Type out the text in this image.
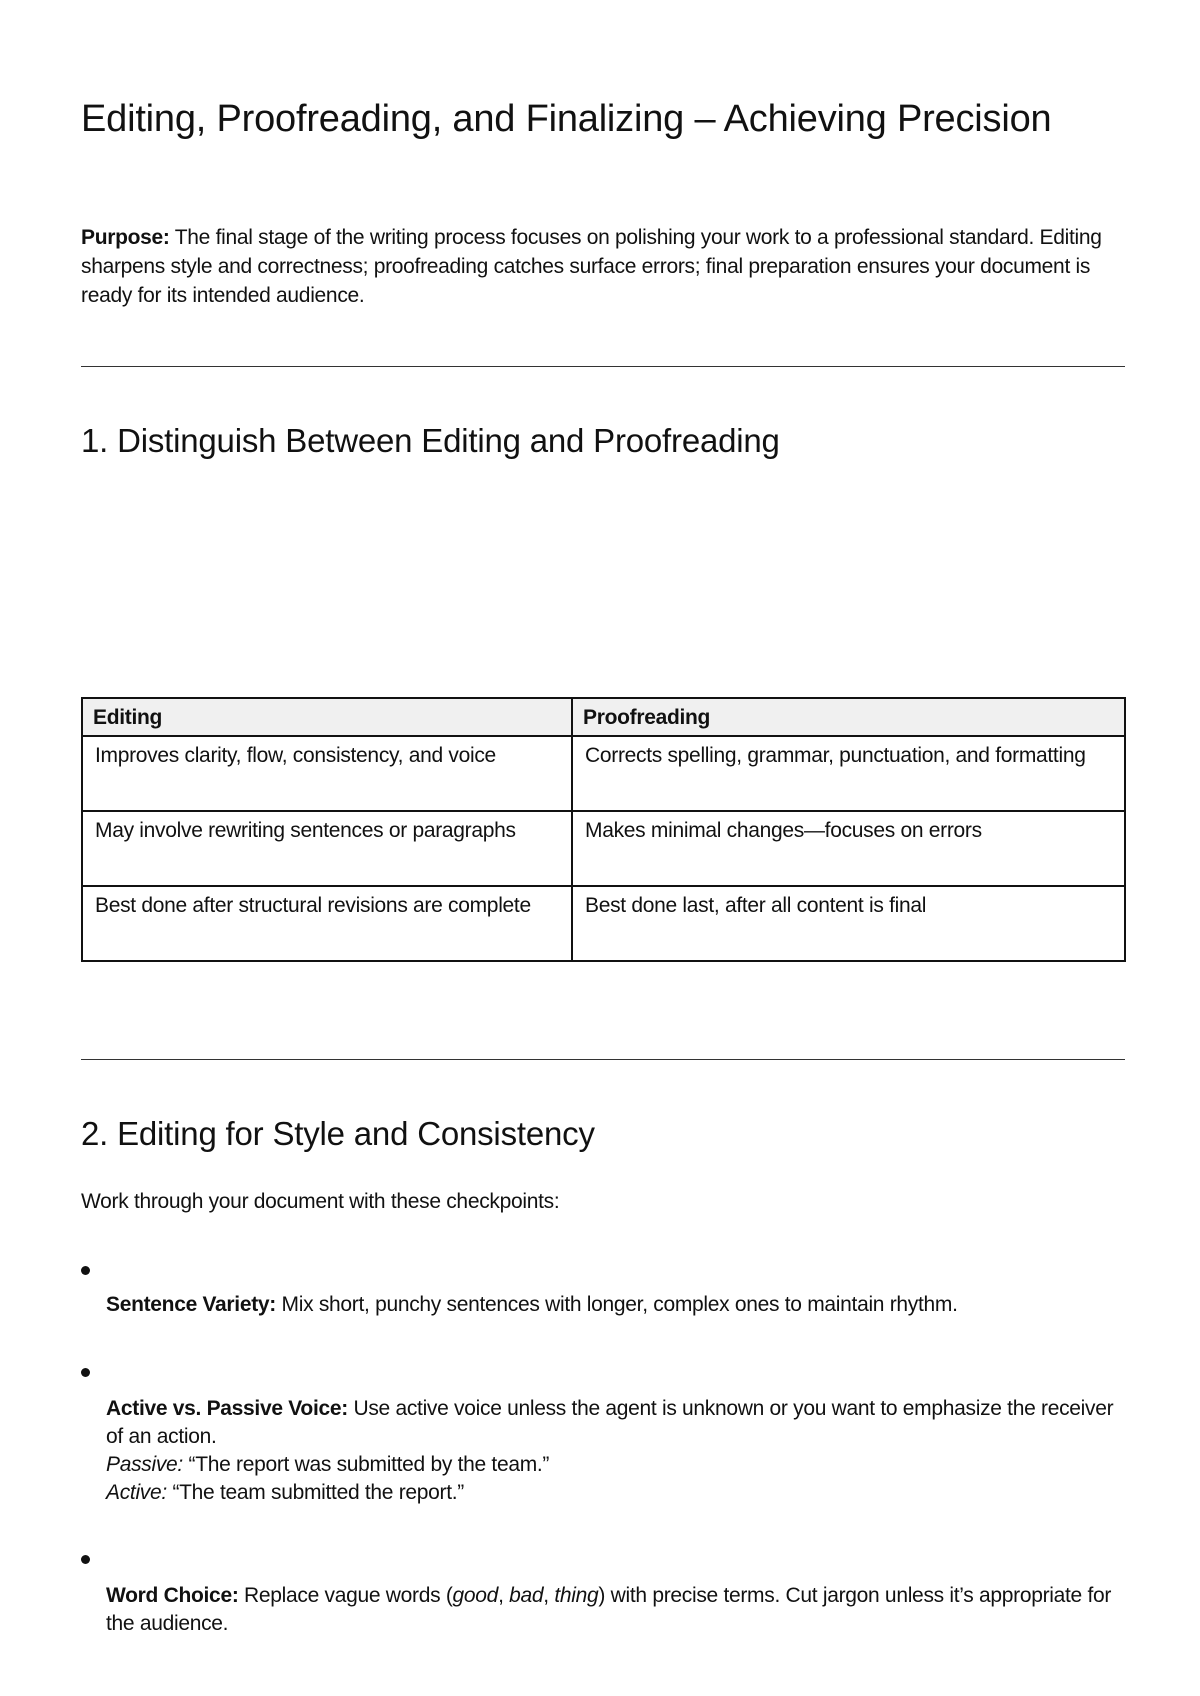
Editing, Proofreading, and Finalizing – Achieving Precision

Purpose: The final stage of the writing process focuses on polishing your work to a professional standard. Editing sharpens style and correctness; proofreading catches surface errors; final preparation ensures your document is ready for its intended audience.

1. Distinguish Between Editing and Proofreading
Editing	Proofreading
Improves clarity, flow, consistency, and voice	Corrects spelling, grammar, punctuation, and formatting
May involve rewriting sentences or paragraphs	Makes minimal changes—focuses on errors
Best done after structural revisions are complete	Best done last, after all content is final
2. Editing for Style and Consistency

Work through your document with these checkpoints:

Sentence Variety: Mix short, punchy sentences with longer, complex ones to maintain rhythm.

Active vs. Passive Voice: Use active voice unless the agent is unknown or you want to emphasize the receiver of an action.
Passive: “The report was submitted by the team.”
Active: “The team submitted the report.”

Word Choice: Replace vague words (good, bad, thing) with precise terms. Cut jargon unless it’s appropriate for the audience.
